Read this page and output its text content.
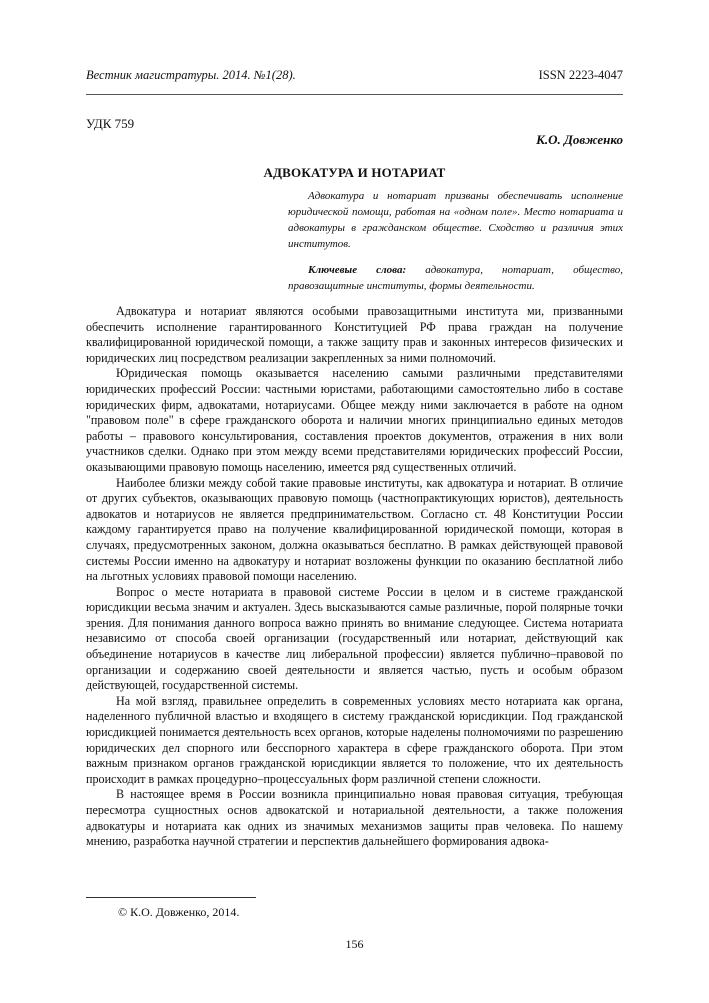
Вестник магистратуры. 2014. №1(28).	ISSN 2223-4047
УДК 759
К.О. Довженко
АДВОКАТУРА И НОТАРИАТ

Адвокатура и нотариат призваны обеспечивать исполнение юридической помощи, работая на «одном поле». Место нотариата и адвокатуры в гражданском обществе. Сходство и различия этих институтов.

Ключевые слова: адвокатура, нотариат, общество, правозащитные институты, формы деятельности.

Адвокатура и нотариат являются особыми правозащитными института ми, призванными обеспечить исполнение гарантированного Конституцией РФ права граждан на получение квалифицированной юридической помощи, а также защиту прав и законных интересов физических и юридических лиц посредством реализации закрепленных за ними полномочий.

Юридическая помощь оказывается населению самыми различными представителями юридических профессий России: частными юристами, работающими самостоятельно либо в составе юридических фирм, адвокатами, нотариусами. Общее между ними заключается в работе на одном "правовом поле" в сфере гражданского оборота и наличии многих принципиально единых методов работы – правового консультирования, составления проектов документов, отражения в них воли участников сделки. Однако при этом между всеми представителями юридических профессий России, оказывающими правовую помощь населению, имеется ряд существенных отличий.

Наиболее близки между собой такие правовые институты, как адвокатура и нотариат. В отличие от других субъектов, оказывающих правовую помощь (частнопрактикующих юристов), деятельность адвокатов и нотариусов не является предпринимательством. Согласно ст. 48 Конституции России каждому гарантируется право на получение квалифицированной юридической помощи, которая в случаях, предусмотренных законом, должна оказываться бесплатно. В рамках действующей правовой системы России именно на адвокатуру и нотариат возложены функции по оказанию бесплатной либо на льготных условиях правовой помощи населению.

Вопрос о месте нотариата в правовой системе России в целом и в системе гражданской юрисдикции весьма значим и актуален. Здесь высказываются самые различные, порой полярные точки зрения. Для понимания данного вопроса важно принять во внимание следующее. Система нотариата независимо от способа своей организации (государственный или нотариат, действующий как объединение нотариусов в качестве лиц либеральной профессии) является публично–правовой по организации и содержанию своей деятельности и является частью, пусть и особым образом действующей, государственной системы.

На мой взгляд, правильнее определить в современных условиях место нотариата как органа, наделенного публичной властью и входящего в систему гражданской юрисдикции. Под гражданской юрисдикцией понимается деятельность всех органов, которые наделены полномочиями по разрешению юридических дел спорного или бесспорного характера в сфере гражданского оборота. При этом важным признаком органов гражданской юрисдикции является то положение, что их деятельность происходит в рамках процедурно–процессуальных форм различной степени сложности.

В настоящее время в России возникла принципиально новая правовая ситуация, требующая пересмотра сущностных основ адвокатской и нотариальной деятельности, а также положения адвокатуры и нотариата как одних из значимых механизмов защиты прав человека. По нашему мнению, разработка научной стратегии и перспектив дальнейшего формирования адвока-

© К.О. Довженко, 2014.
156
